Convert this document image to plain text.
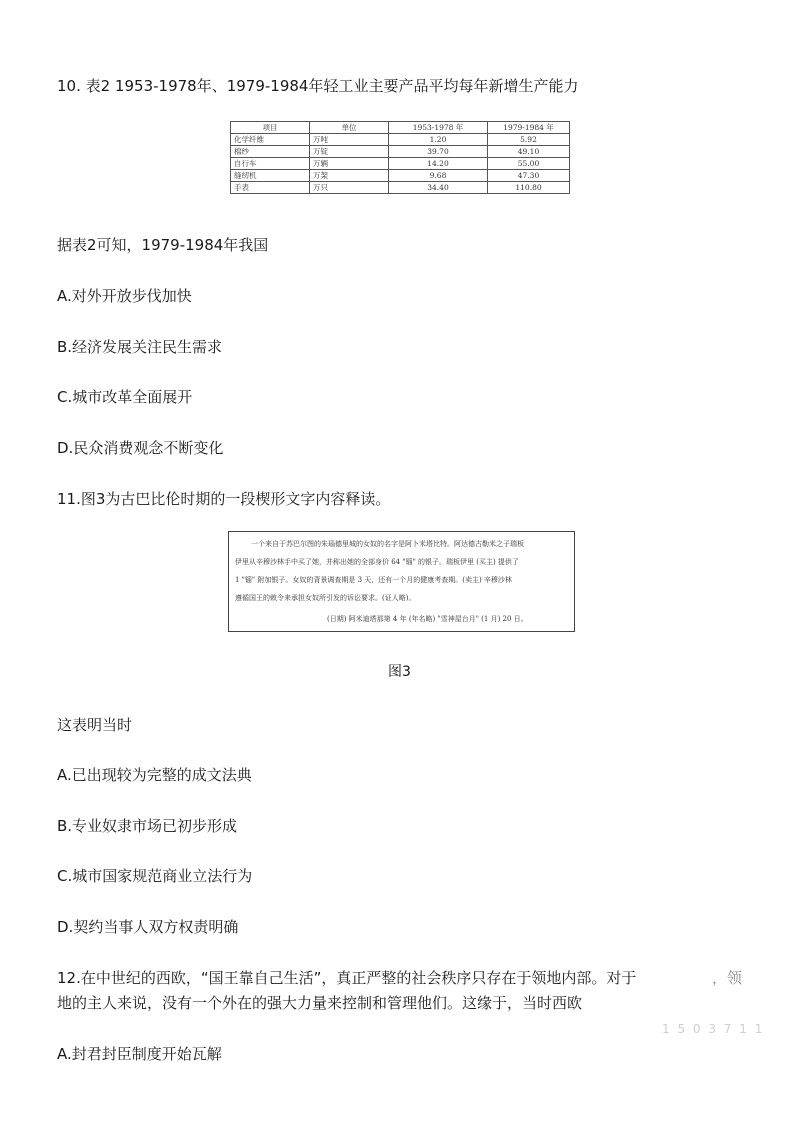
10. 表2 1953-1978年、1979-1984年轻工业主要产品平均每年新增生产能力
项目	单位	1953-1978 年	1979-1984 年
化学纤维	万吨	1.20	5.92
棉纱	万锭	39.70	49.10
自行车	万辆	14.20	55.00
缝纫机	万架	9.68	47.30
手表	万只	34.40	110.80
据表2可知，1979-1984年我国
A.对外开放步伐加快
B.经济发展关注民生需求
C.城市改革全面展开
D.民众消费观念不断变化
11.图3为古巴比伦时期的一段楔形文字内容释读。
一个来自于苏巴尔图的朱瑙德里城的女奴的名字是阿卜米塔比特。阿达德古勒米之子瑞板
伊里从辛穆沙林手中买了她，并称出她的全部身价 64 "锱" 的银子。瑞板伊里 (买主) 提供了
1 "锱" 附加银子。女奴的背景调查期是 3 天，还有一个月的健康考查期。(卖主) 辛穆沙林
遵循国王的敕令来承担女奴所引发的诉讼要求。(证人略)。
(日期) 阿米迪塔那第 4 年 (年名略) "雪神屋台月" (1 月) 20 日。
图3
这表明当时
A.已出现较为完整的成文法典
B.专业奴隶市场已初步形成
C.城市国家规范商业立法行为
D.契约当事人双方权责明确
12.在中世纪的西欧，“国王靠自己生活”，真正严整的社会秩序只存在于领地内部。对于	，领
地的主人来说，没有一个外在的强大力量来控制和管理他们。这缘于，当时西欧
1 5 0 3 7 1 1
A.封君封臣制度开始瓦解
